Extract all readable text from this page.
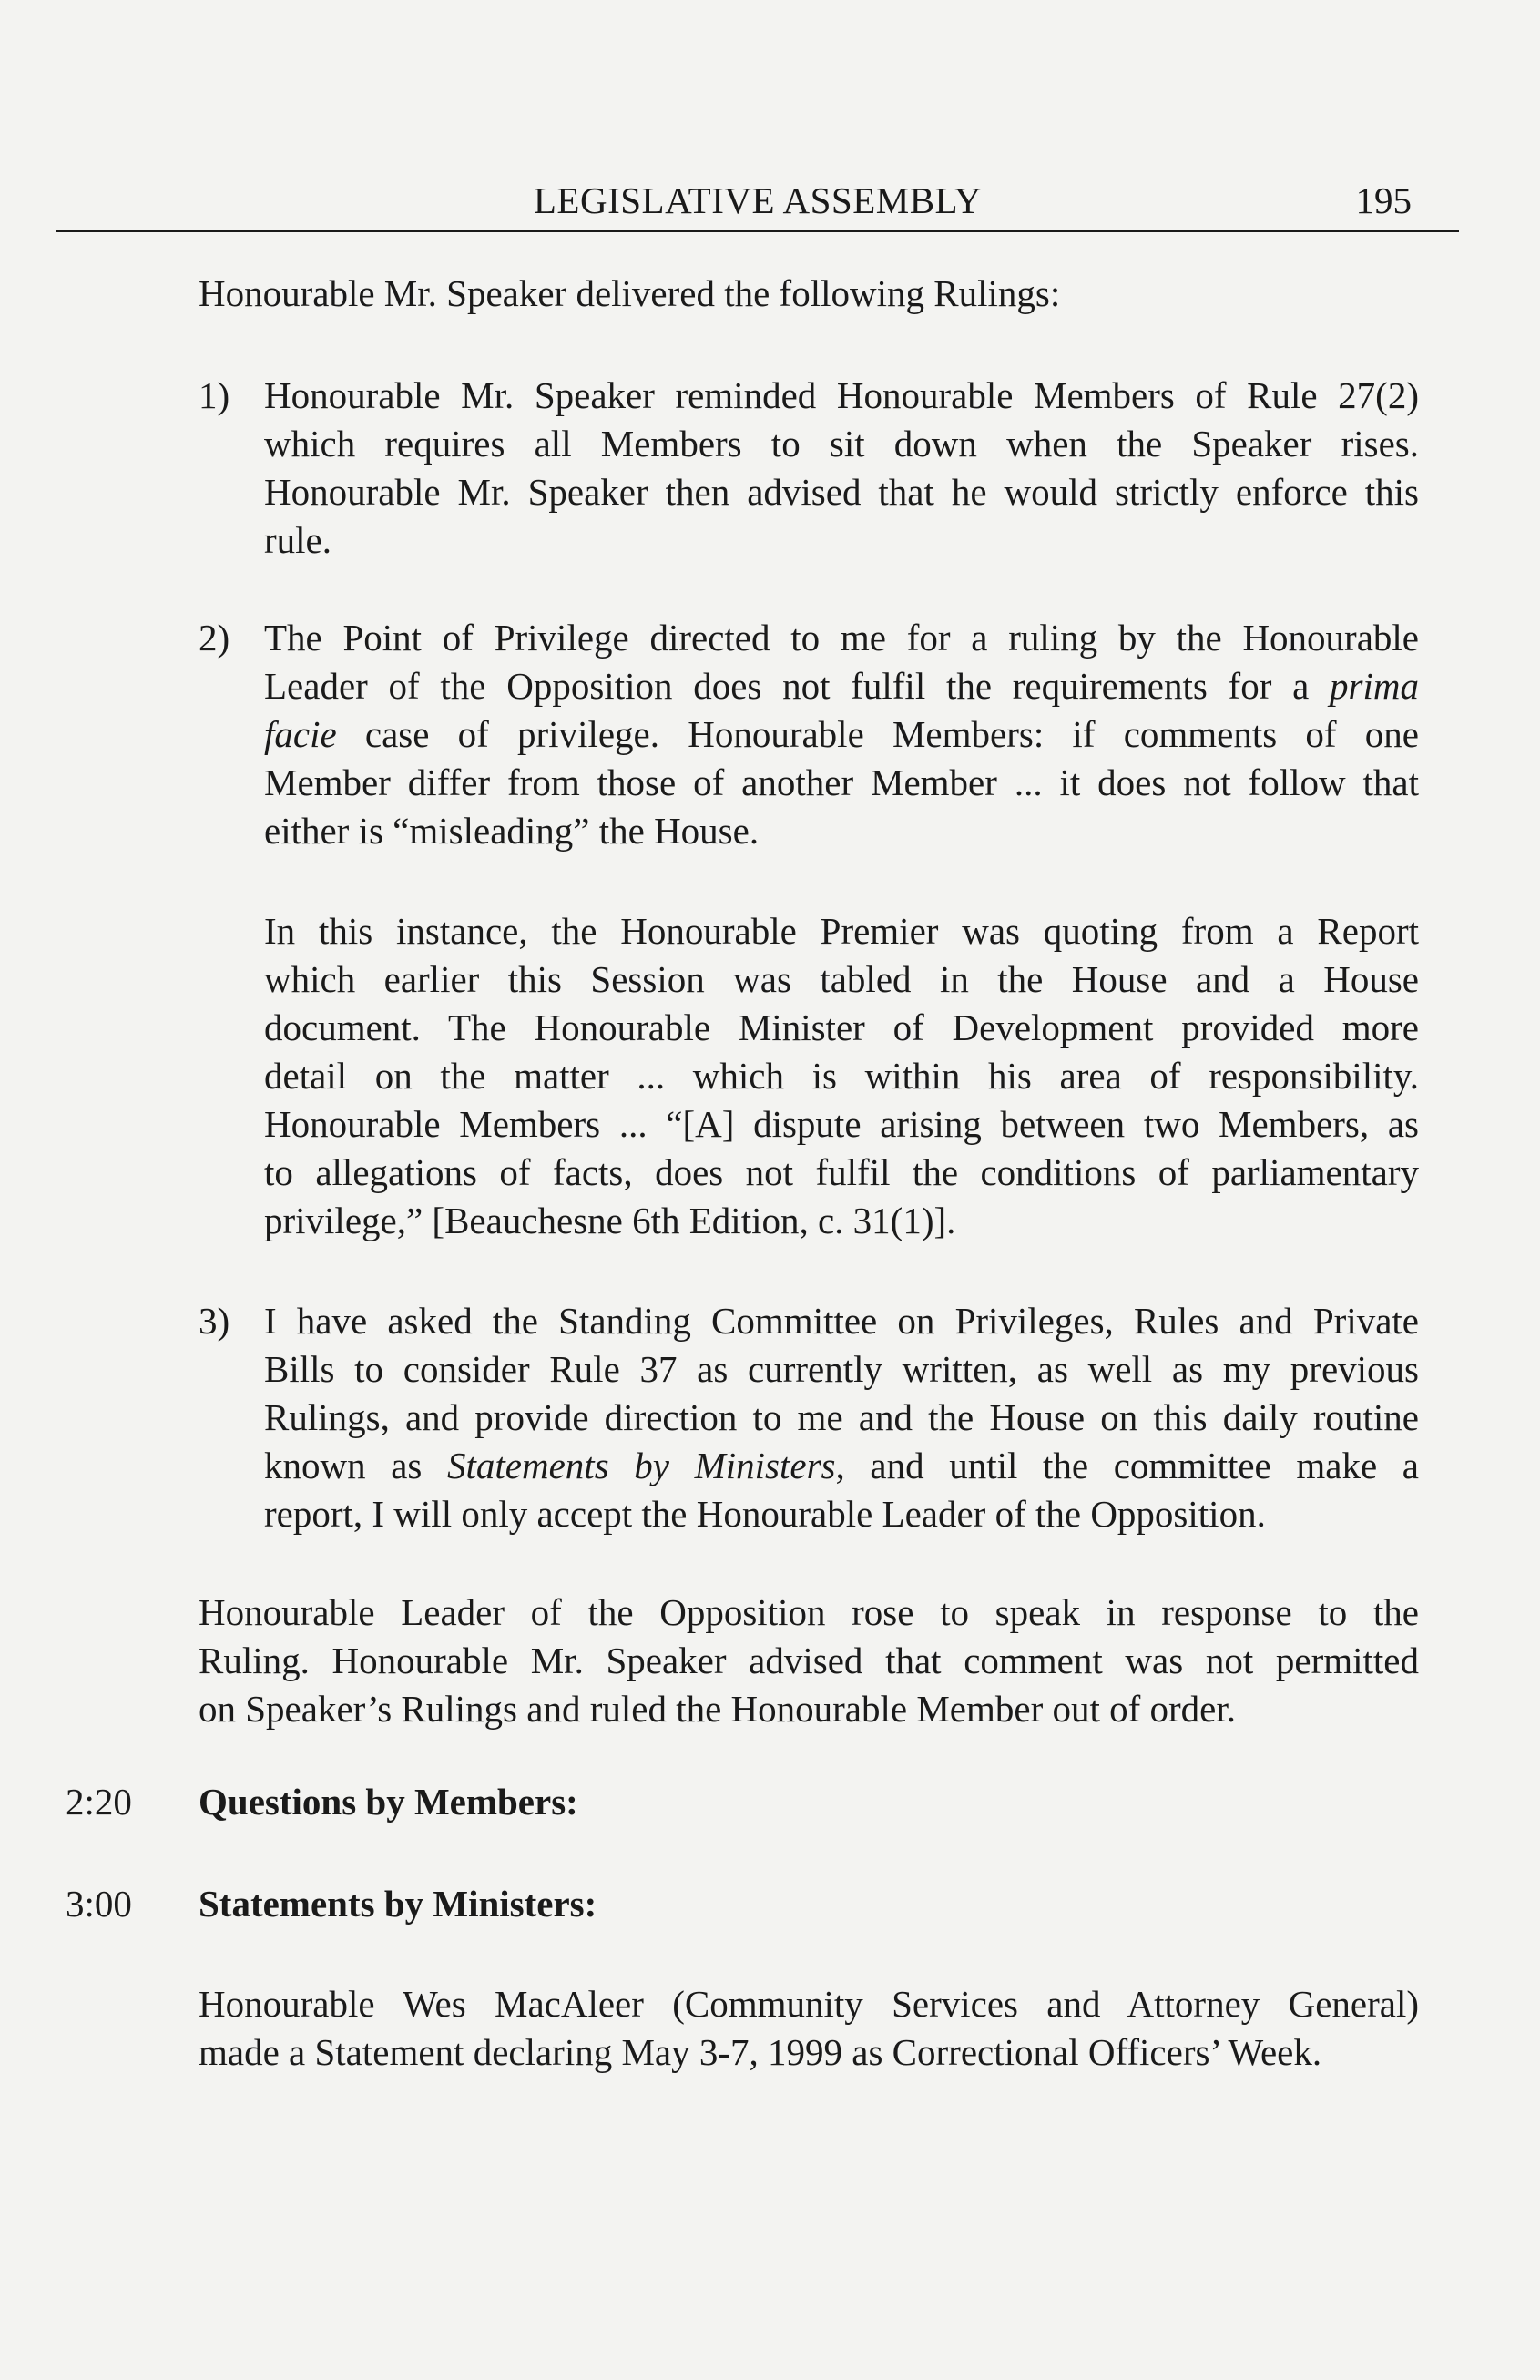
LEGISLATIVE ASSEMBLY	195
Honourable Mr. Speaker delivered the following Rulings:
1) Honourable Mr. Speaker reminded Honourable Members of Rule 27(2)
which requires all Members to sit down when the Speaker rises.
Honourable Mr. Speaker then advised that he would strictly enforce this
rule.
2) The Point of Privilege directed to me for a ruling by the Honourable
Leader of the Opposition does not fulfil the requirements for a prima
facie case of privilege. Honourable Members: if comments of one
Member differ from those of another Member ... it does not follow that
either is “misleading” the House.
In this instance, the Honourable Premier was quoting from a Report
which earlier this Session was tabled in the House and a House
document. The Honourable Minister of Development provided more
detail on the matter ... which is within his area of responsibility.
Honourable Members ... “[A] dispute arising between two Members, as
to allegations of facts, does not fulfil the conditions of parliamentary
privilege,” [Beauchesne 6th Edition, c. 31(1)].
3) I have asked the Standing Committee on Privileges, Rules and Private
Bills to consider Rule 37 as currently written, as well as my previous
Rulings, and provide direction to me and the House on this daily routine
known as Statements by Ministers, and until the committee make a
report, I will only accept the Honourable Leader of the Opposition.
Honourable Leader of the Opposition rose to speak in response to the
Ruling. Honourable Mr. Speaker advised that comment was not permitted
on Speaker’s Rulings and ruled the Honourable Member out of order.
2:20 Questions by Members:
3:00 Statements by Ministers:
Honourable Wes MacAleer (Community Services and Attorney General)
made a Statement declaring May 3-7, 1999 as Correctional Officers’ Week.
